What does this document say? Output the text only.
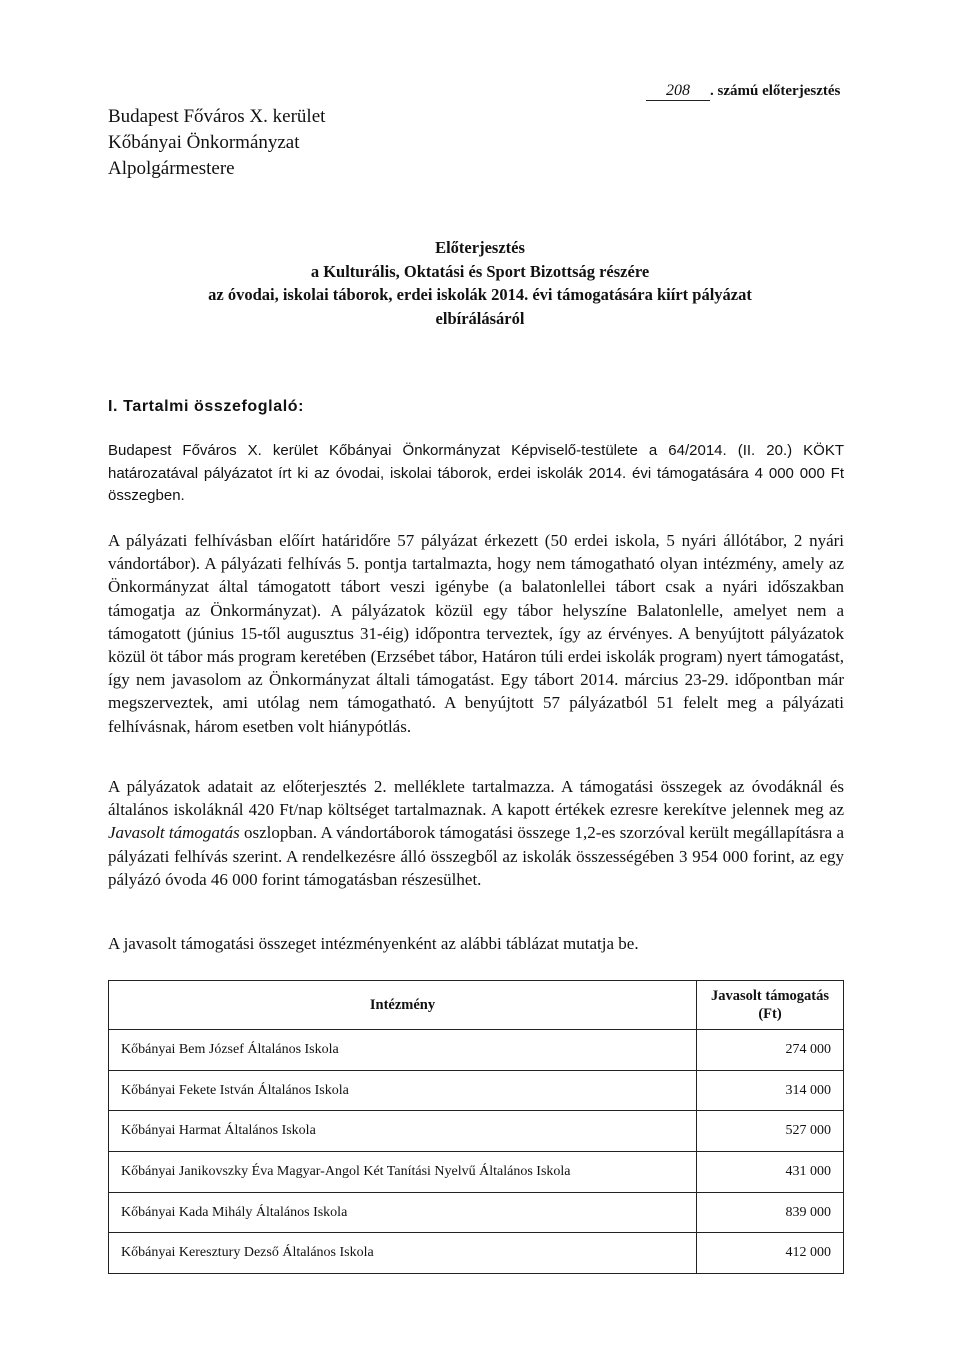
Budapest Főváros X. kerület
Kőbányai Önkormányzat
Alpolgármestere
208 . számú előterjesztés
Előterjesztés
a Kulturális, Oktatási és Sport Bizottság részére
az óvodai, iskolai táborok, erdei iskolák 2014. évi támogatására kiírt pályázat
elbírálásáról
I. Tartalmi összefoglaló:

Budapest Főváros X. kerület Kőbányai Önkormányzat Képviselő-testülete a 64/2014. (II. 20.) KÖKT határozatával pályázatot írt ki az óvodai, iskolai táborok, erdei iskolák 2014. évi támogatására 4 000 000 Ft összegben.

A pályázati felhívásban előírt határidőre 57 pályázat érkezett (50 erdei iskola, 5 nyári állótábor, 2 nyári vándortábor). A pályázati felhívás 5. pontja tartalmazta, hogy nem támogatható olyan intézmény, amely az Önkormányzat által támogatott tábort veszi igénybe (a balatonlellei tábort csak a nyári időszakban támogatja az Önkormányzat). A pályázatok közül egy tábor helyszíne Balatonlelle, amelyet nem a támogatott (június 15-től augusztus 31-éig) időpontra terveztek, így az érvényes. A benyújtott pályázatok közül öt tábor más program keretében (Erzsébet tábor, Határon túli erdei iskolák program) nyert támogatást, így nem javasolom az Önkormányzat általi támogatást. Egy tábort 2014. március 23-29. időpontban már megszerveztek, ami utólag nem támogatható. A benyújtott 57 pályázatból 51 felelt meg a pályázati felhívásnak, három esetben volt hiánypótlás.

A pályázatok adatait az előterjesztés 2. melléklete tartalmazza. A támogatási összegek az óvodáknál és általános iskoláknál 420 Ft/nap költséget tartalmaznak. A kapott értékek ezresre kerekítve jelennek meg az Javasolt támogatás oszlopban. A vándortáborok támogatási összege 1,2-es szorzóval került megállapításra a pályázati felhívás szerint. A rendelkezésre álló összegből az iskolák összességében 3 954 000 forint, az egy pályázó óvoda 46 000 forint támogatásban részesülhet.

A javasolt támogatási összeget intézményenként az alábbi táblázat mutatja be.

Intézmény	Javasolt támogatás
(Ft)
Kőbányai Bem József Általános Iskola	274 000
Kőbányai Fekete István Általános Iskola	314 000
Kőbányai Harmat Általános Iskola	527 000
Kőbányai Janikovszky Éva Magyar-Angol Két Tanítási Nyelvű Általános Iskola	431 000
Kőbányai Kada Mihály Általános Iskola	839 000
Kőbányai Keresztury Dezső Általános Iskola	412 000
